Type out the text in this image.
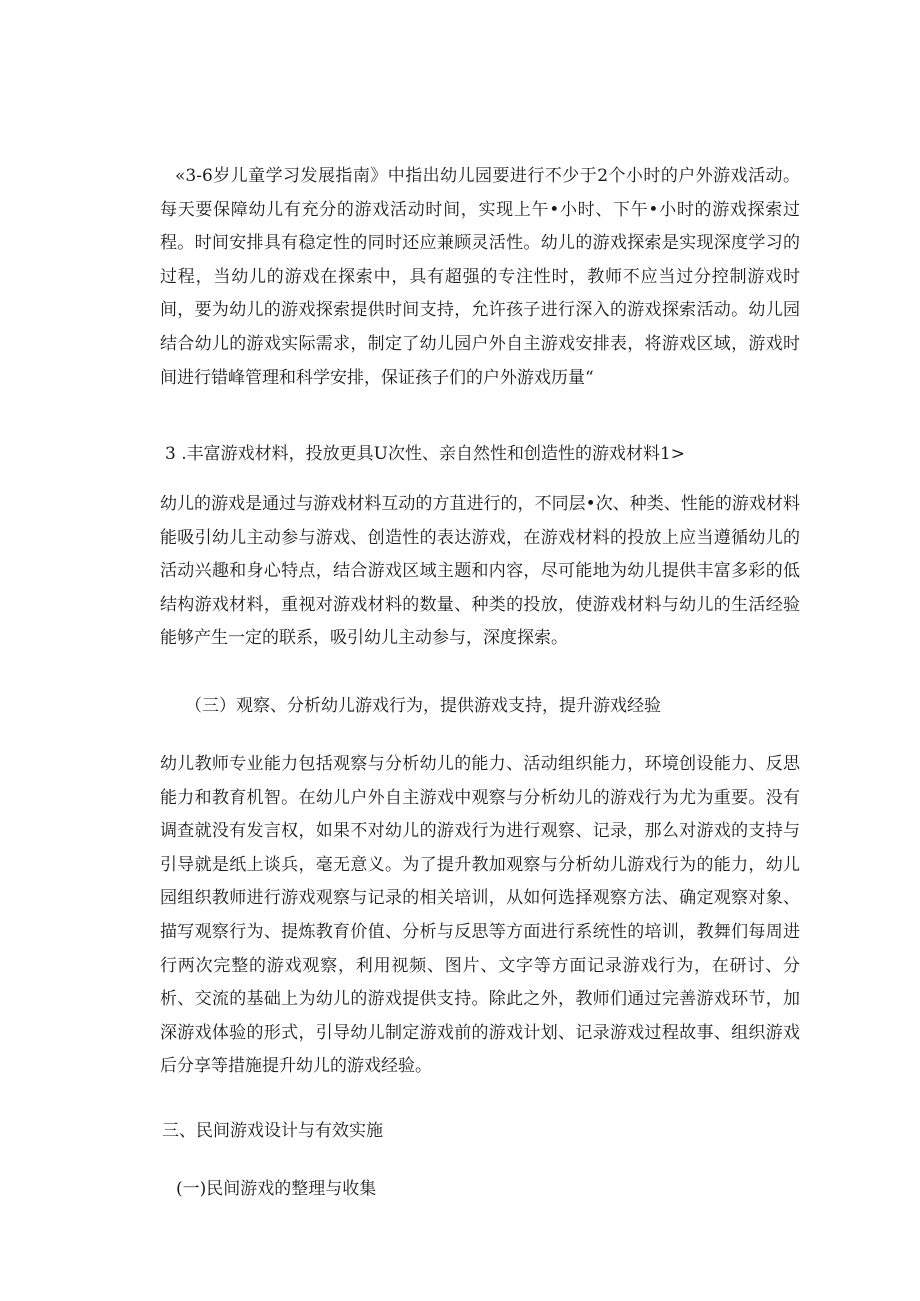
«3-6岁儿童学习发展指南》中指出幼儿园要进行不少于2个小时的户外游戏活动。每天要保障幼儿有充分的游戏活动时间，实现上午•小时、下午•小时的游戏探索过程。时间安排具有稳定性的同时还应兼顾灵活性。幼儿的游戏探索是实现深度学习的过程，当幼儿的游戏在探索中，具有超强的专注性时，教师不应当过分控制游戏时间，要为幼儿的游戏探索提供时间支持，允许孩子进行深入的游戏探索活动。幼儿园结合幼儿的游戏实际需求，制定了幼儿园户外自主游戏安排表，将游戏区域，游戏时间进行错峰管理和科学安排，保证孩子们的户外游戏历量“

3 .丰富游戏材料，投放更具U次性、亲自然性和创造性的游戏材料1>

幼儿的游戏是通过与游戏材料互动的方苴进行的，不同层•次、种类、性能的游戏材料能吸引幼儿主动参与游戏、创造性的表达游戏，在游戏材料的投放上应当遵循幼儿的活动兴趣和身心特点，结合游戏区域主题和内容，尽可能地为幼儿提供丰富多彩的低结构游戏材料，重视对游戏材料的数量、种类的投放，使游戏材料与幼儿的生活经验能够产生一定的联系，吸引幼儿主动参与，深度探索。

（三）观察、分析幼儿游戏行为，提供游戏支持，提升游戏经验

幼儿教师专业能力包括观察与分析幼儿的能力、活动组织能力，环境创设能力、反思能力和教育机智。在幼儿户外自主游戏中观察与分析幼儿的游戏行为尤为重要。没有调查就没有发言权，如果不对幼儿的游戏行为进行观察、记录，那么对游戏的支持与引导就是纸上谈兵，毫无意义。为了提升教加观察与分析幼儿游戏行为的能力，幼儿园组织教师进行游戏观察与记录的相关培训，从如何选择观察方法、确定观察对象、描写观察行为、提炼教育价值、分析与反思等方面进行系统性的培训，教舞们每周进行两次完整的游戏观察，利用视频、图片、文字等方面记录游戏行为，在研讨、分析、交流的基础上为幼儿的游戏提供支持。除此之外，教师们通过完善游戏环节，加深游戏体验的形式，引导幼儿制定游戏前的游戏计划、记录游戏过程故事、组织游戏后分享等措施提升幼儿的游戏经验。

三、民间游戏设计与有效实施

(一)民间游戏的整理与收集
